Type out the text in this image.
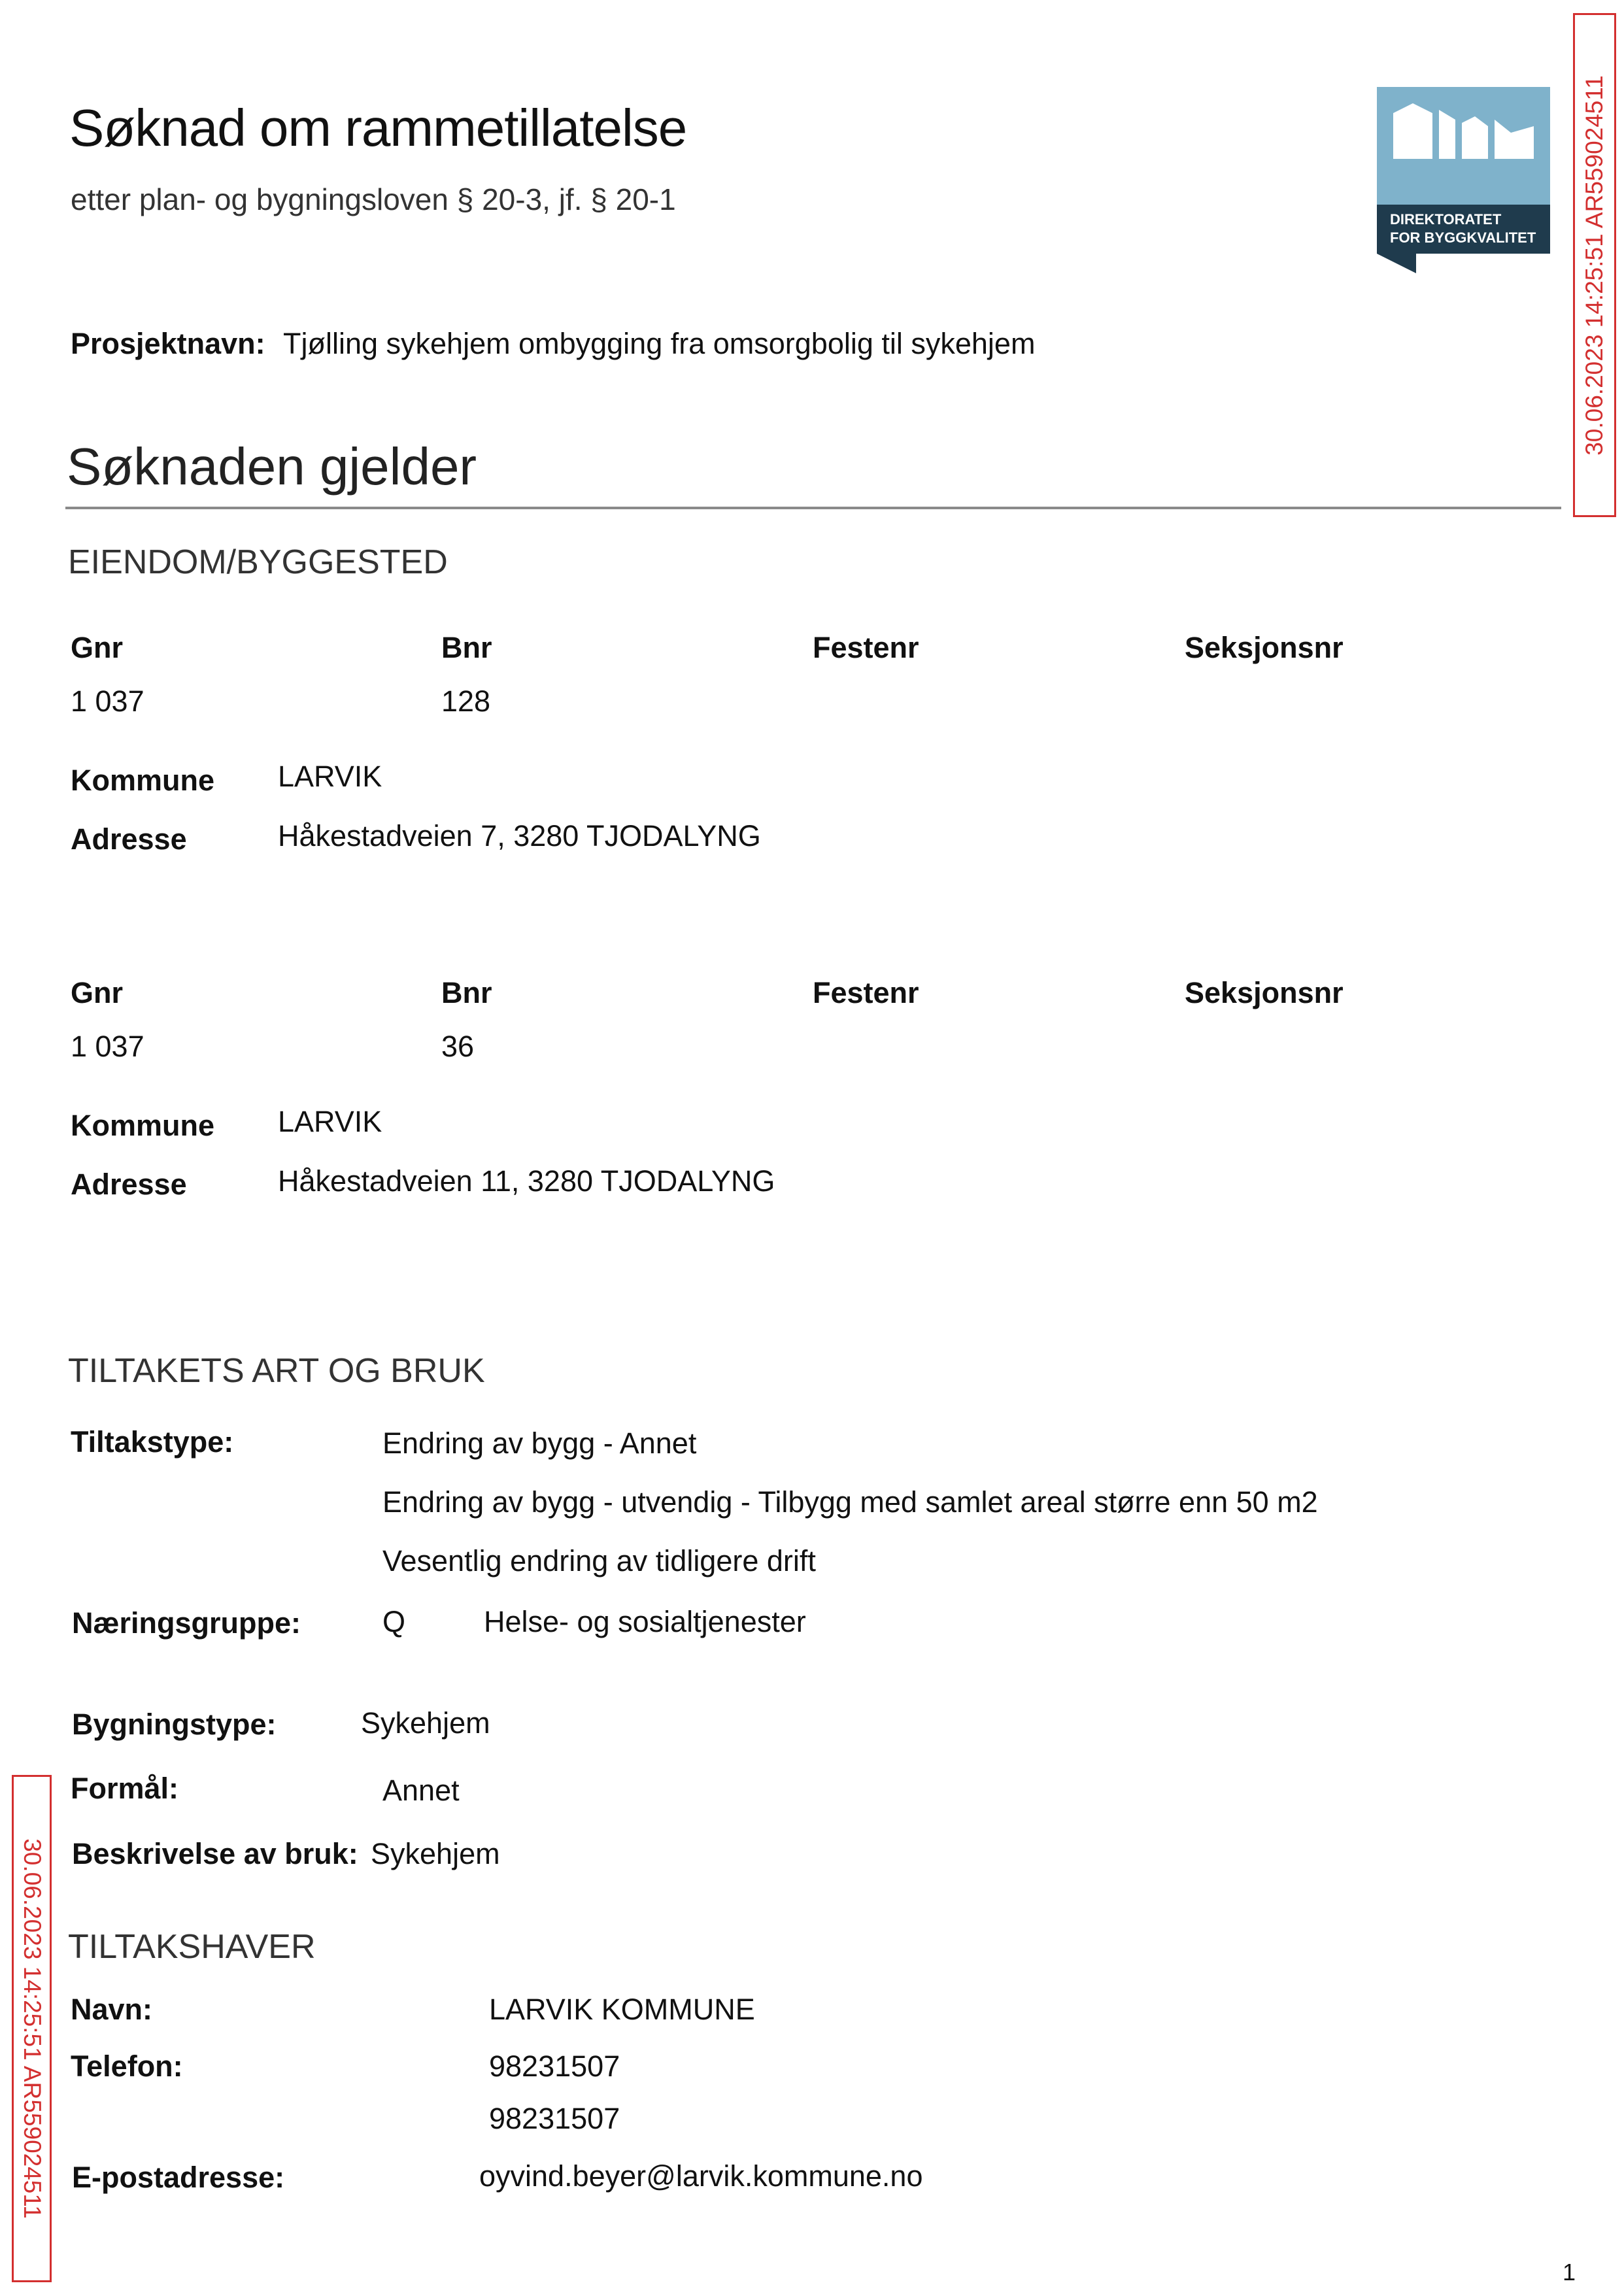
Søknad om rammetillatelse
etter plan- og bygningsloven § 20-3, jf. § 20-1
DIREKTORATET
FOR BYGGKVALITET 30.06.2023 14:25:51 AR559024511
Prosjektnavn: Tjølling sykehjem ombygging fra omsorgbolig til sykehjem
Søknaden gjelder
EIENDOM/BYGGESTED
Gnr	Bnr	Festenr	Seksjonsnr
1 037	128
Kommune LARVIK
Adresse	Håkestadveien 7, 3280 TJODALYNG
Gnr	Bnr	Festenr	Seksjonsnr
1 037	36
Kommune LARVIK
Adresse	Håkestadveien 11, 3280 TJODALYNG
TILTAKETS ART OG BRUK
Tiltakstype:	Endring av bygg - Annet
Endring av bygg - utvendig - Tilbygg med samlet areal større enn 50 m2
Vesentlig endring av tidligere drift
Næringsgruppe:	Q	Helse- og sosialtjenester
Bygningstype:	Sykehjem
Formål:	Annet
Beskrivelse av bruk: Sykehjem
TILTAKSHAVER
Navn:	LARVIK KOMMUNE
Telefon:	98231507
98231507
E-postadresse:	oyvind.beyer@larvik.kommune.no
30.06.2023 14:25:51 AR559024511
1
